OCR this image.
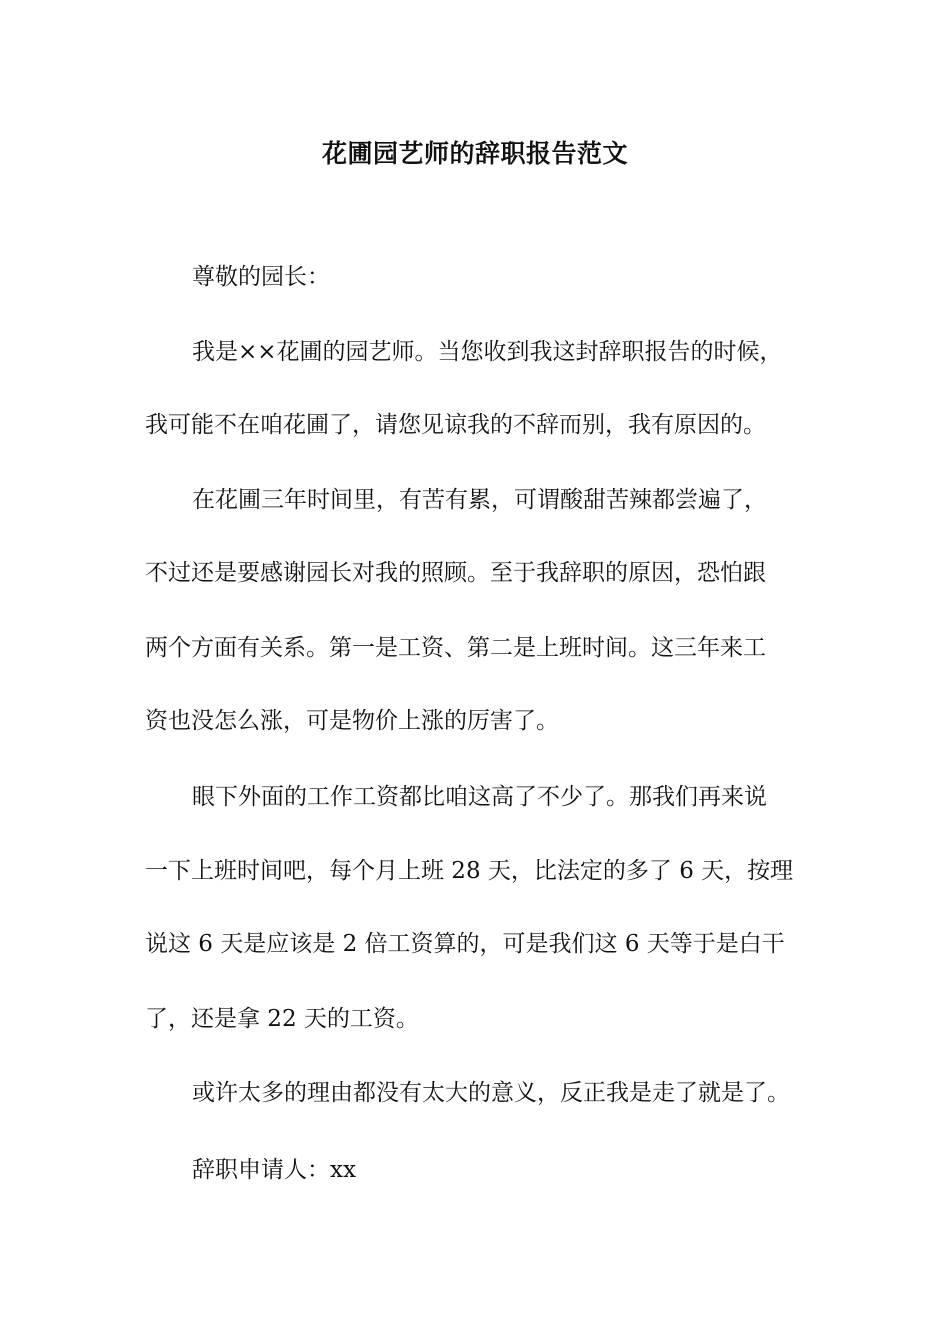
花圃园艺师的辞职报告范文

尊敬的园长：

我是××花圃的园艺师。当您收到我这封辞职报告的时候，

我可能不在咱花圃了，请您见谅我的不辞而别，我有原因的。

在花圃三年时间里，有苦有累，可谓酸甜苦辣都尝遍了，

不过还是要感谢园长对我的照顾。至于我辞职的原因，恐怕跟

两个方面有关系。第一是工资、第二是上班时间。这三年来工

资也没怎么涨，可是物价上涨的厉害了。

眼下外面的工作工资都比咱这高了不少了。那我们再来说

一下上班时间吧，每个月上班 28 天，比法定的多了 6 天，按理

说这 6 天是应该是 2 倍工资算的，可是我们这 6 天等于是白干

了，还是拿 22 天的工资。

或许太多的理由都没有太大的意义，反正我是走了就是了。

辞职申请人：xx
